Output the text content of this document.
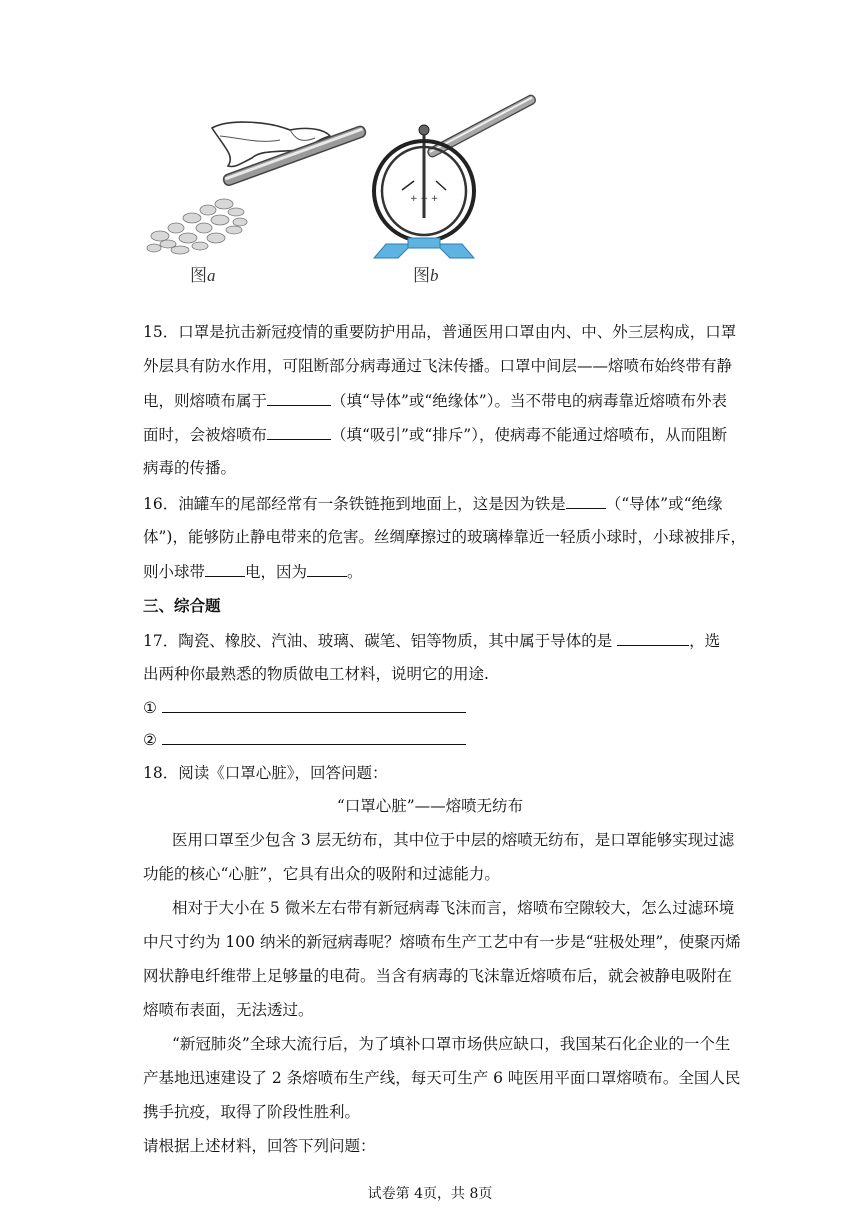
+ + +
图a	图b
15．口罩是抗击新冠疫情的重要防护用品，普通医用口罩由内、中、外三层构成，口罩
外层具有防水作用，可阻断部分病毒通过飞沫传播。口罩中间层——熔喷布始终带有静
电，则熔喷布属于	（填“导体”或“绝缘体”）。当不带电的病毒靠近熔喷布外表
面时，会被熔喷布	（填“吸引”或“排斥”），使病毒不能通过熔喷布，从而阻断
病毒的传播。
16．油罐车的尾部经常有一条铁链拖到地面上，这是因为铁是	（“导体”或“绝缘
体”)，能够防止静电带来的危害。丝绸摩擦过的玻璃棒靠近一轻质小球时，小球被排斥，
则小球带	电，因为	。
三、综合题
17．陶瓷、橡胶、汽油、玻璃、碳笔、铝等物质，其中属于导体的是	，选
出两种你最熟悉的物质做电工材料，说明它的用途.
①
②
18．阅读《口罩心脏》，回答问题：
“口罩心脏”——熔喷无纺布
医用口罩至少包含 3 层无纺布，其中位于中层的熔喷无纺布，是口罩能够实现过滤
功能的核心“心脏”，它具有出众的吸附和过滤能力。
相对于大小在 5 微米左右带有新冠病毒飞沫而言，熔喷布空隙较大，怎么过滤环境
中尺寸约为 100 纳米的新冠病毒呢？熔喷布生产工艺中有一步是“驻极处理”，使聚丙烯
网状静电纤维带上足够量的电荷。当含有病毒的飞沫靠近熔喷布后，就会被静电吸附在
熔喷布表面，无法透过。
“新冠肺炎”全球大流行后，为了填补口罩市场供应缺口，我国某石化企业的一个生
产基地迅速建设了 2 条熔喷布生产线，每天可生产 6 吨医用平面口罩熔喷布。全国人民
携手抗疫，取得了阶段性胜利。
请根据上述材料，回答下列问题：
试卷第 4页，共 8页
